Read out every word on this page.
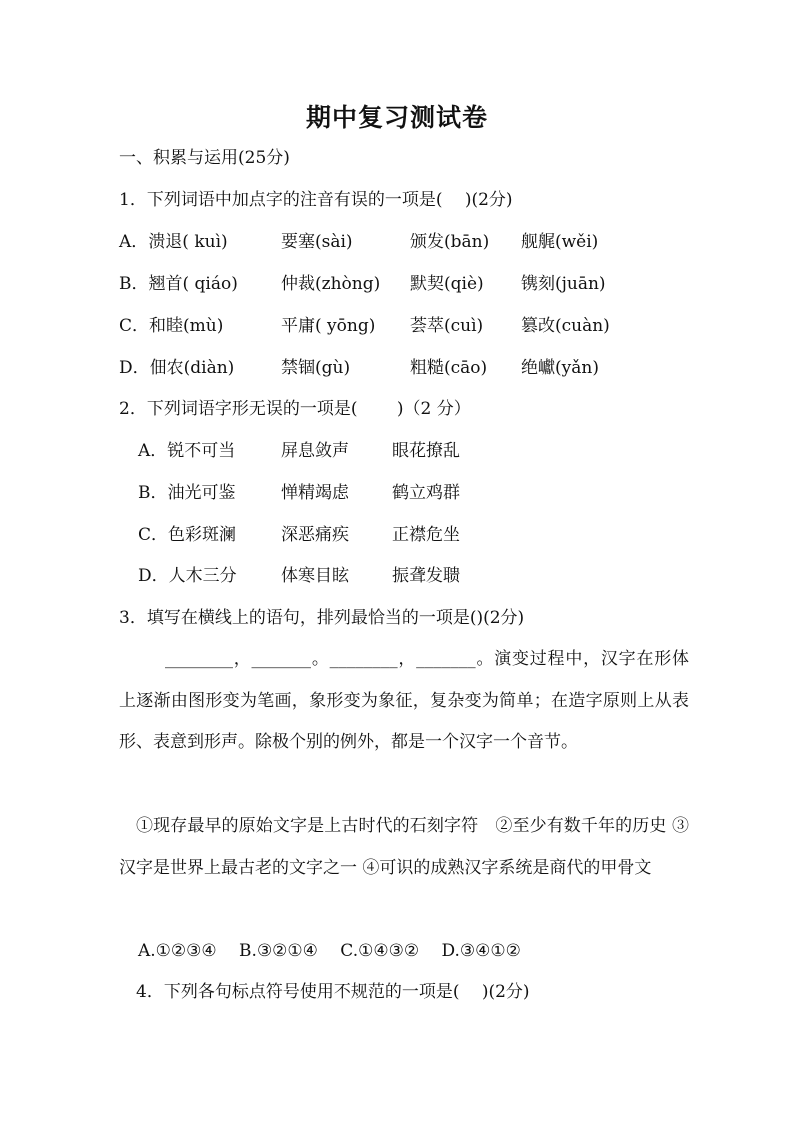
期中复习测试卷
一、积累与运用(25分)
1．下列词语中加点字的注音有误的一项是(　 )(2分)
A．溃退( kuì)	要塞(sài)	颁发(bān) 舰艉(wěi)
B．翘首( qiáo)	仲裁(zhòng) 默契(qiè) 镌刻(juān)
C．和睦(mù)	平庸( yōng) 荟萃(cuì) 篡改(cuàn)
D．佃农(diàn)	禁锢(gù)	粗糙(cāo) 绝巘(yǎn)
2．下列词语字形无误的一项是(　 　)（2 分）
A．锐不可当	屏息敛声	眼花撩乱
B．油光可鉴	惮精竭虑	鹤立鸡群
C．色彩斑澜	深恶痛疾	正襟危坐
D．人木三分	体寒目眩	振聋发聩
3．填写在横线上的语句，排列最恰当的一项是()(2分)
________，_______。________，_______。演变过程中，汉字在形体上逐渐由图形变为笔画，象形变为象征，复杂变为简单；在造字原则上从表形、表意到形声。除极个别的例外，都是一个汉字一个音节。
①现存最早的原始文字是上古时代的石刻字符　②至少有数千年的历史 ③汉字是世界上最古老的文字之一 ④可识的成熟汉字系统是商代的甲骨文
A.①②③④　 B.③②①④　 C.①④③②　 D.③④①②
4．下列各句标点符号使用不规范的一项是(　 )(2分)
